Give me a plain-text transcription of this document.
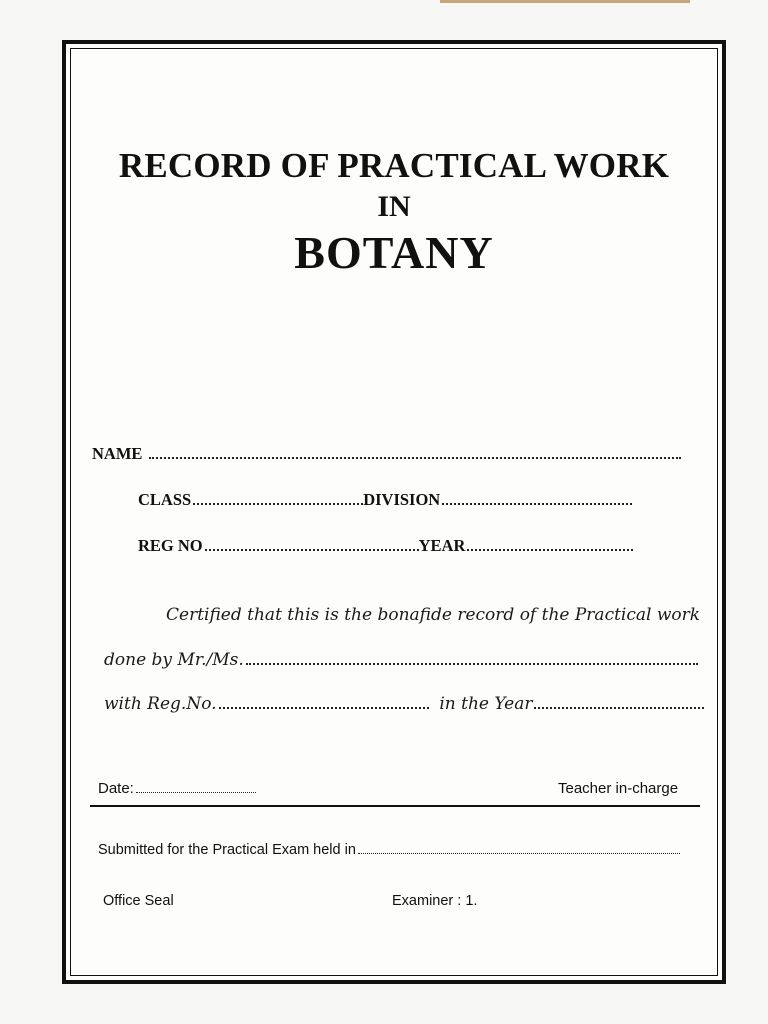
RECORD OF PRACTICAL WORK
IN
BOTANY
NAME
CLASS	DIVISION
REG NO	YEAR
Certified that this is the bonafide record of the Practical work
done by Mr./Ms.
with Reg.No.	in the Year
Date:	Teacher in-charge
Submitted for the Practical Exam held in
Office Seal	Examiner : 1.
